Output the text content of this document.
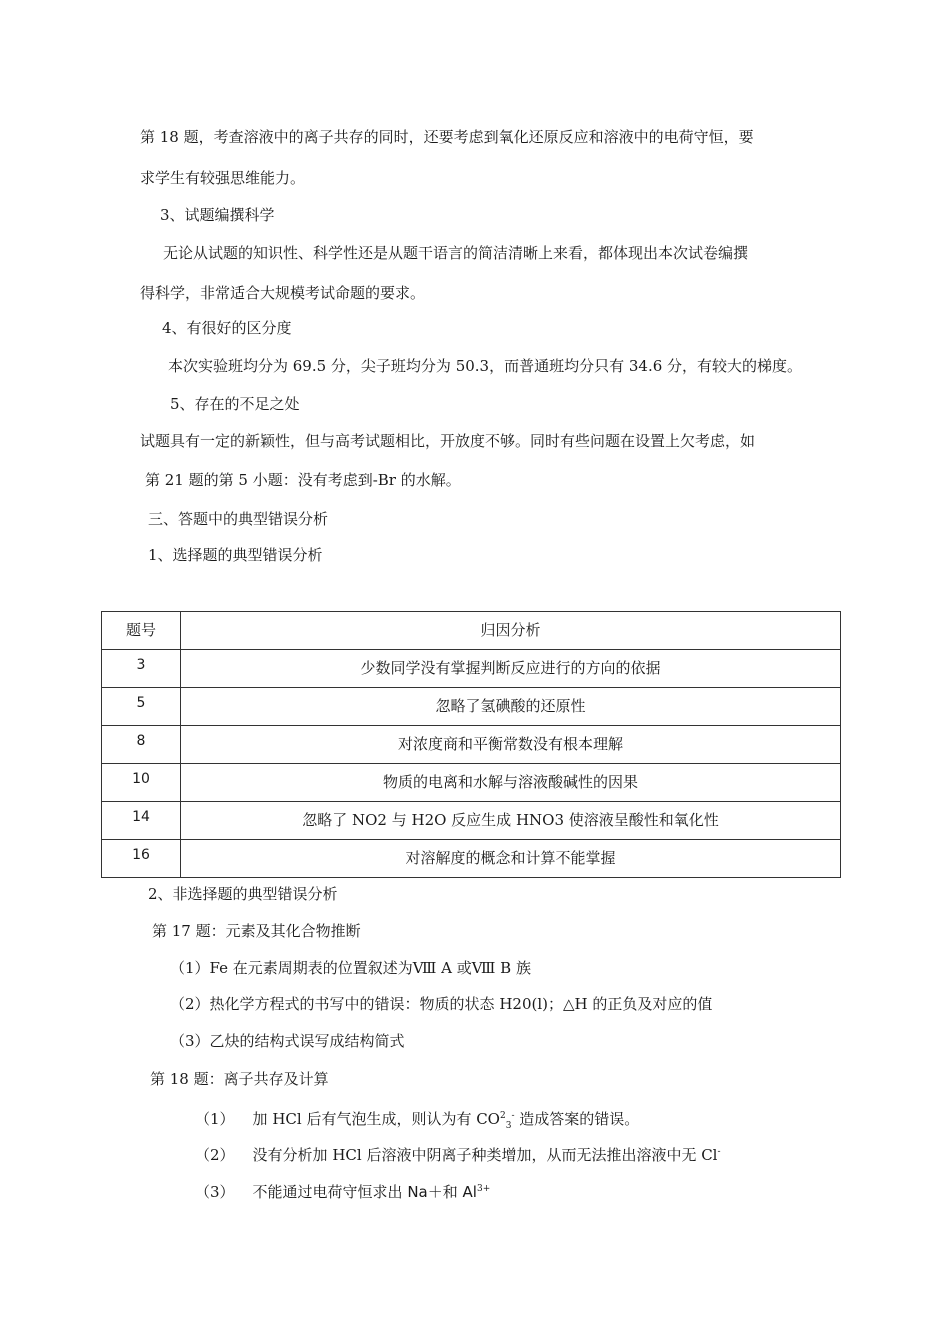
第 18 题，考查溶液中的离子共存的同时，还要考虑到氧化还原反应和溶液中的电荷守恒，要
求学生有较强思维能力。
3、试题编撰科学
无论从试题的知识性、科学性还是从题干语言的简洁清晰上来看，都体现出本次试卷编撰
得科学，非常适合大规模考试命题的要求。
4、有很好的区分度
本次实验班均分为 69.5 分，尖子班均分为 50.3，而普通班均分只有 34.6 分，有较大的梯度。
5、存在的不足之处
试题具有一定的新颖性，但与高考试题相比，开放度不够。同时有些问题在设置上欠考虑，如
第 21 题的第 5 小题：没有考虑到-Br 的水解。
三、答题中的典型错误分析
1、选择题的典型错误分析
题号	归因分析
3	少数同学没有掌握判断反应进行的方向的依据
5	忽略了氢碘酸的还原性
8	对浓度商和平衡常数没有根本理解
10	物质的电离和水解与溶液酸碱性的因果
14	忽略了 NO2 与 H2O 反应生成 HNO3 使溶液呈酸性和氧化性
16	对溶解度的概念和计算不能掌握
2、非选择题的典型错误分析
第 17 题：元素及其化合物推断
（1）Fe 在元素周期表的位置叙述为Ⅷ A 或Ⅷ B 族
（2）热化学方程式的书写中的错误：物质的状态 H20(l)；△H 的正负及对应的值
（3）乙炔的结构式误写成结构简式
第 18 题：离子共存及计算
（1） 加 HCl 后有气泡生成，则认为有 $CO^2_3^-$ 造成答案的错误。
（2） 没有分析加 HCl 后溶液中阴离子种类增加，从而无法推出溶液中无 Cl-
（3） 不能通过电荷守恒求出 Na＋和 $Al^{3+}$
